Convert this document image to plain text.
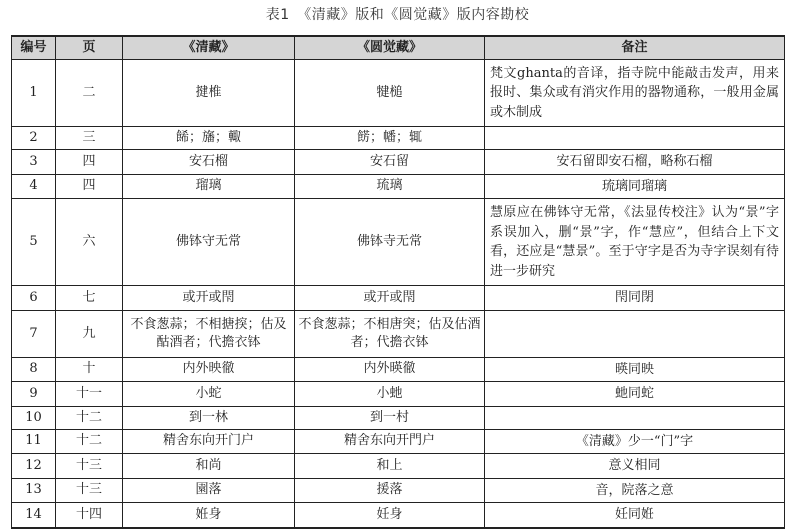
表1　《清藏》版和《圆觉藏》版内容勘校
编号	页	《清藏》	《圆觉藏》	备注
1	二	揵椎	犍槌	梵文ghanta的音译，指寺院中能敲击发声，用来报时、集众或有消灾作用的器物通称，一般用金属或木制成
2	三	餙；旛；輙	餝；幡；辄	
3	四	安石榴	安石留	安石留即安石榴，略称石榴
4	四	瑠璃	琉璃	琉璃同瑠璃
5	六	佛钵守无常	佛钵寺无常	慧原应在佛钵守无常，《法显传校注》认为“景”字系误加入，删“景”字，作“慧应”，但结合上下文看，还应是“慧景”。至于守字是否为寺字误刻有待进一步研究
6	七	或开或閇	或开或閇	閇同閉
7	九	不食葱蒜；不相搪揬；估及酤酒者；代擔衣钵	不食葱蒜；不相唐突；估及估酒者；代擔衣钵	
8	十	内外映徹	内外暎徹	暎同映
9	十一	小蛇	小虵	虵同蛇
10	十二	到一林	到一村	
11	十二	精舍东向开门户	精舍东向开門户	《清藏》少一“门”字
12	十三	和尚	和上	意义相同
13	十三	園落	援落	音，院落之意
14	十四	姙身	妊身	妊同姙
